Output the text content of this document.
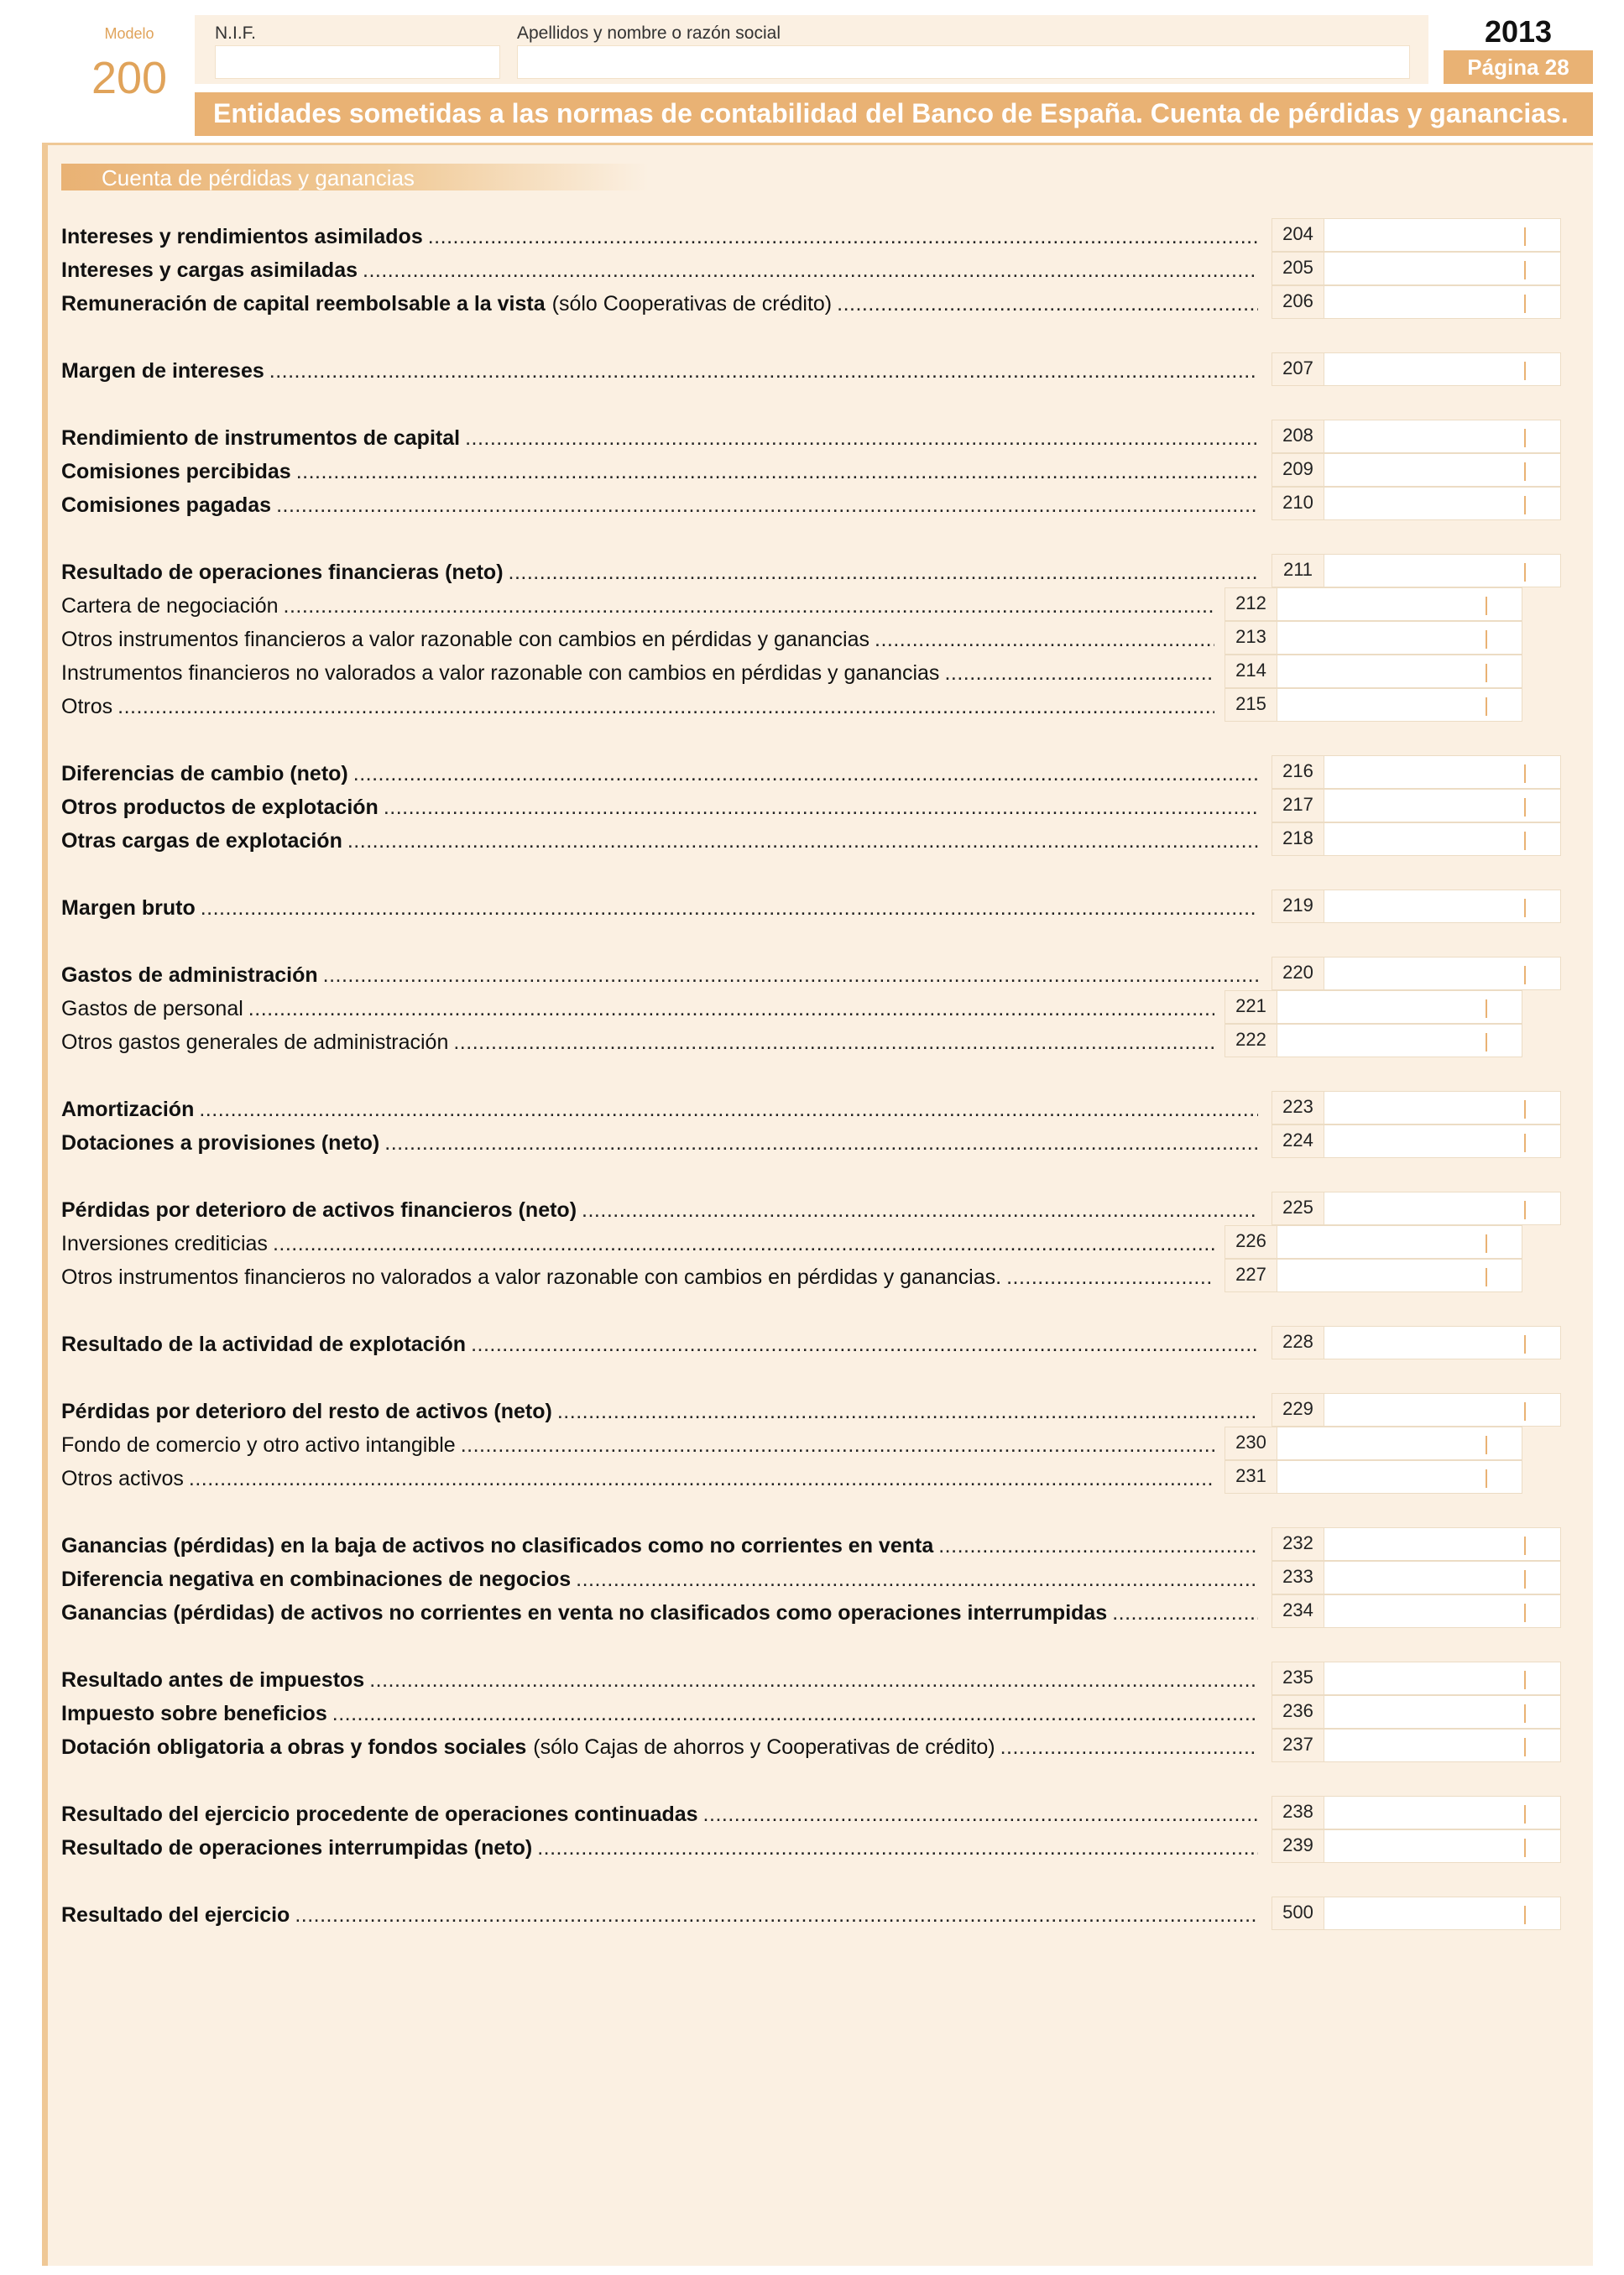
Modelo
200
N.I.F.	Apellidos y nombre o razón social	2013
Página 28
Entidades sometidas a las normas de contabilidad del Banco de España. Cuenta de pérdidas y ganancias.
Cuenta de pérdidas y ganancias
Intereses y rendimientos asimilados .....	204
Intereses y cargas asimiladas .....	205
Remuneración de capital reembolsable a la vista (sólo Cooperativas de crédito) .....	206
Margen de intereses .....	207
Rendimiento de instrumentos de capital .....	208
Comisiones percibidas .....	209
Comisiones pagadas .....	210
Resultado de operaciones financieras (neto) .....	211
Cartera de negociación .....	212
Otros instrumentos financieros a valor razonable con cambios en pérdidas y ganancias .....	213
Instrumentos financieros no valorados a valor razonable con cambios en pérdidas y ganancias .....	214
Otros .....	215
Diferencias de cambio (neto) .....	216
Otros productos de explotación .....	217
Otras cargas de explotación .....	218
Margen bruto .....	219
Gastos de administración .....	220
Gastos de personal .....	221
Otros gastos generales de administración .....	222
Amortización .....	223
Dotaciones a provisiones (neto) .....	224
Pérdidas por deterioro de activos financieros (neto) .....	225
Inversiones crediticias .....	226
Otros instrumentos financieros no valorados a valor razonable con cambios en pérdidas y ganancias. .....	227
Resultado de la actividad de explotación .....	228
Pérdidas por deterioro del resto de activos (neto) .....	229
Fondo de comercio y otro activo intangible .....	230
Otros activos .....	231
Ganancias (pérdidas) en la baja de activos no clasificados como no corrientes en venta .....	232
Diferencia negativa en combinaciones de negocios .....	233
Ganancias (pérdidas) de activos no corrientes en venta no clasificados como operaciones interrumpidas .....	234
Resultado antes de impuestos .....	235
Impuesto sobre beneficios .....	236
Dotación obligatoria a obras y fondos sociales (sólo Cajas de ahorros y Cooperativas de crédito) .....	237
Resultado del ejercicio procedente de operaciones continuadas .....	238
Resultado de operaciones interrumpidas (neto) .....	239
Resultado del ejercicio .....	500
